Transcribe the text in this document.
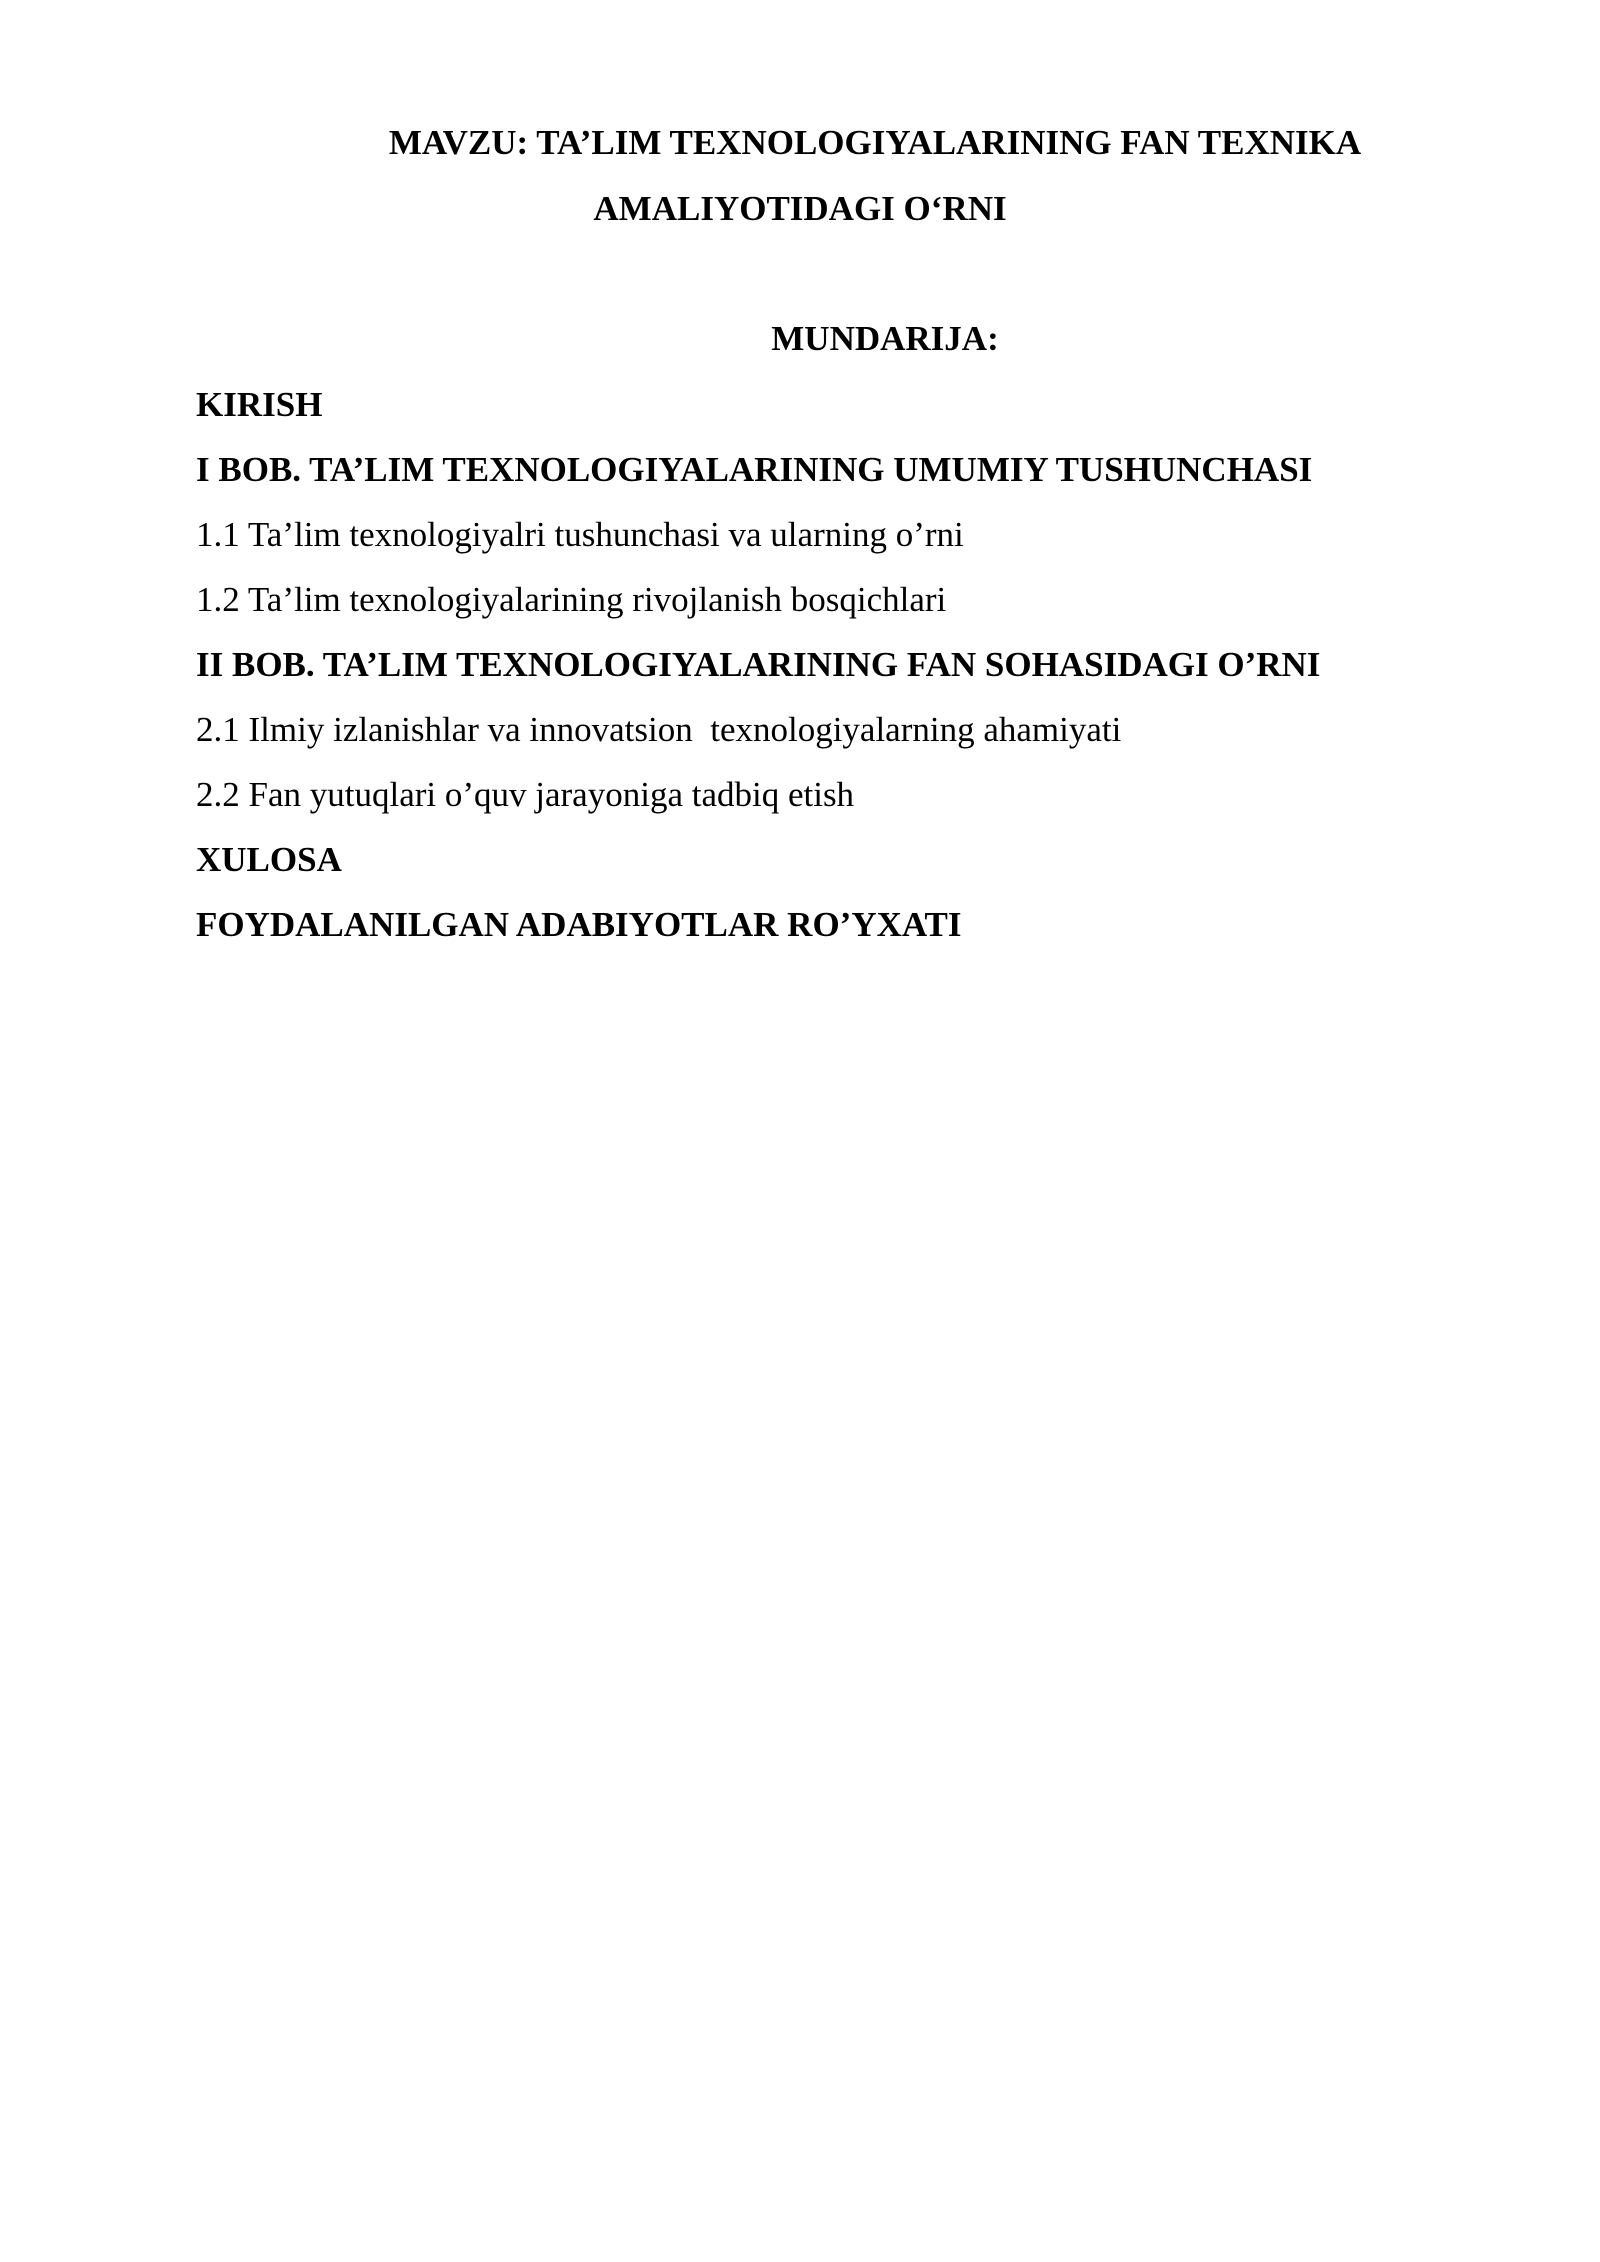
MAVZU: TA’LIM TEXNOLOGIYALARINING FAN TEXNIKA
AMALIYOTIDAGI O‘RNI
MUNDARIJA:
KIRISH
I BOB. TA’LIM TEXNOLOGIYALARINING UMUMIY TUSHUNCHASI
1.1 Ta’lim texnologiyalri tushunchasi va ularning o’rni
1.2 Ta’lim texnologiyalarining rivojlanish bosqichlari
II BOB. TA’LIM TEXNOLOGIYALARINING FAN SOHASIDAGI O’RNI
2.1 Ilmiy izlanishlar va innovatsion  texnologiyalarning ahamiyati
2.2 Fan yutuqlari o’quv jarayoniga tadbiq etish
XULOSA
FOYDALANILGAN ADABIYOTLAR RO’YXATI
